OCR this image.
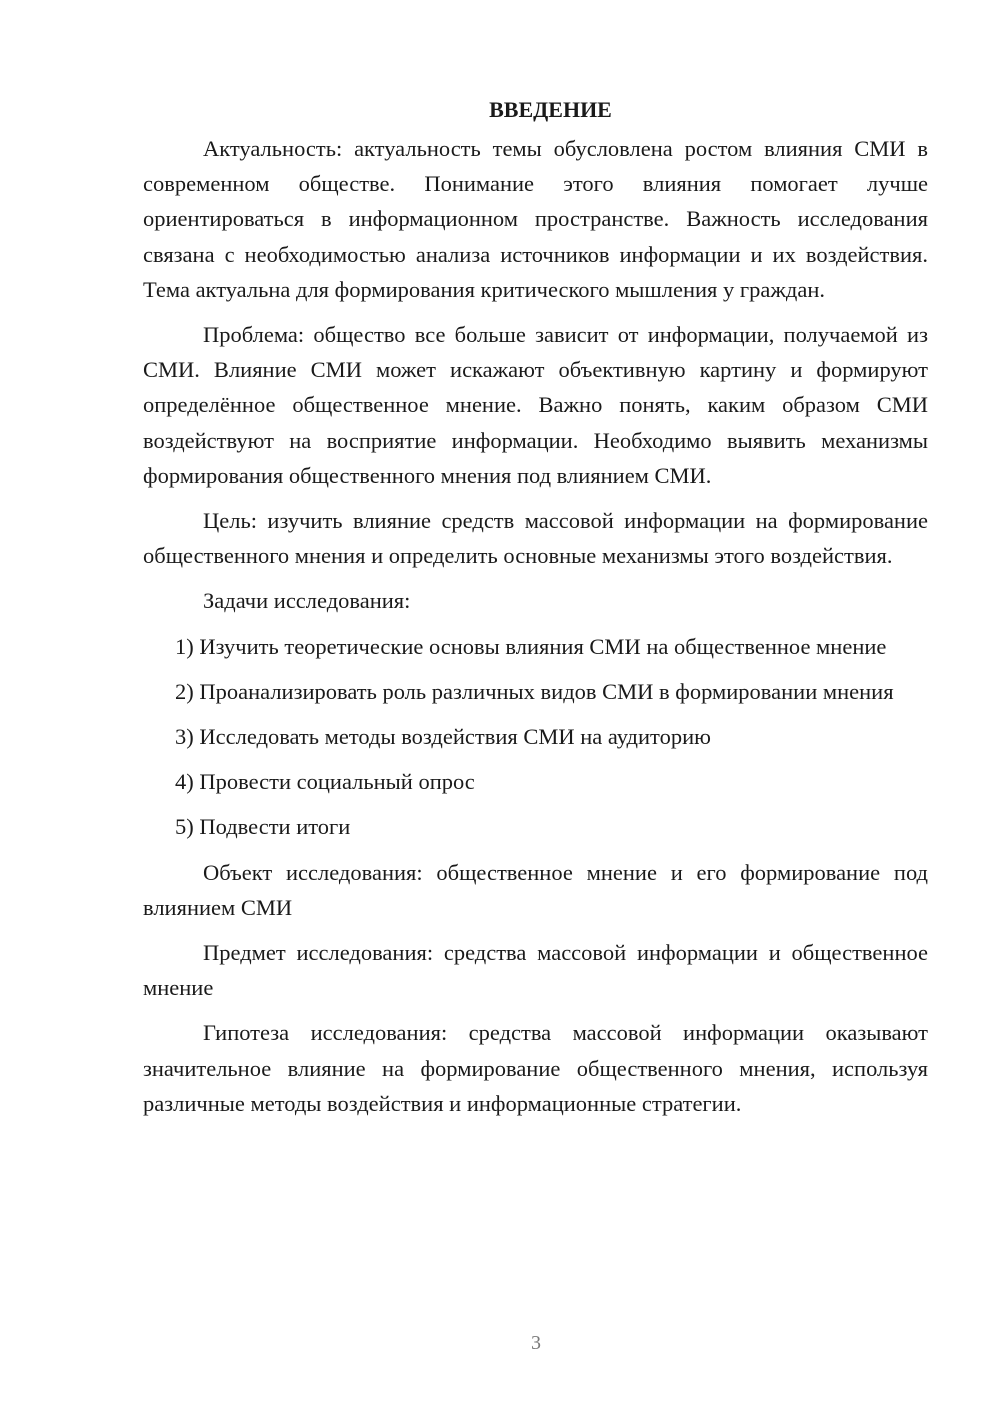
ВВЕДЕНИЕ

Актуальность: актуальность темы обусловлена ростом влияния СМИ в современном обществе. Понимание этого влияния помогает лучше ориентироваться в информационном пространстве. Важность исследования связана с необходимостью анализа источников информации и их воздействия. Тема актуальна для формирования критического мышления у граждан.

Проблема: общество все больше зависит от информации, получаемой из СМИ. Влияние СМИ может искажают объективную картину и формируют определённое общественное мнение. Важно понять, каким образом СМИ воздействуют на восприятие информации. Необходимо выявить механизмы формирования общественного мнения под влиянием СМИ.

Цель: изучить влияние средств массовой информации на формирование общественного мнения и определить основные механизмы этого воздействия.

Задачи исследования:

1) Изучить теоретические основы влияния СМИ на общественное мнение

2) Проанализировать роль различных видов СМИ в формировании мнения

3) Исследовать методы воздействия СМИ на аудиторию

4) Провести социальный опрос

5) Подвести итоги

Объект исследования: общественное мнение и его формирование под влиянием СМИ

Предмет исследования: средства массовой информации и общественное мнение

Гипотеза исследования: средства массовой информации оказывают значительное влияние на формирование общественного мнения, используя различные методы воздействия и информационные стратегии.

3
